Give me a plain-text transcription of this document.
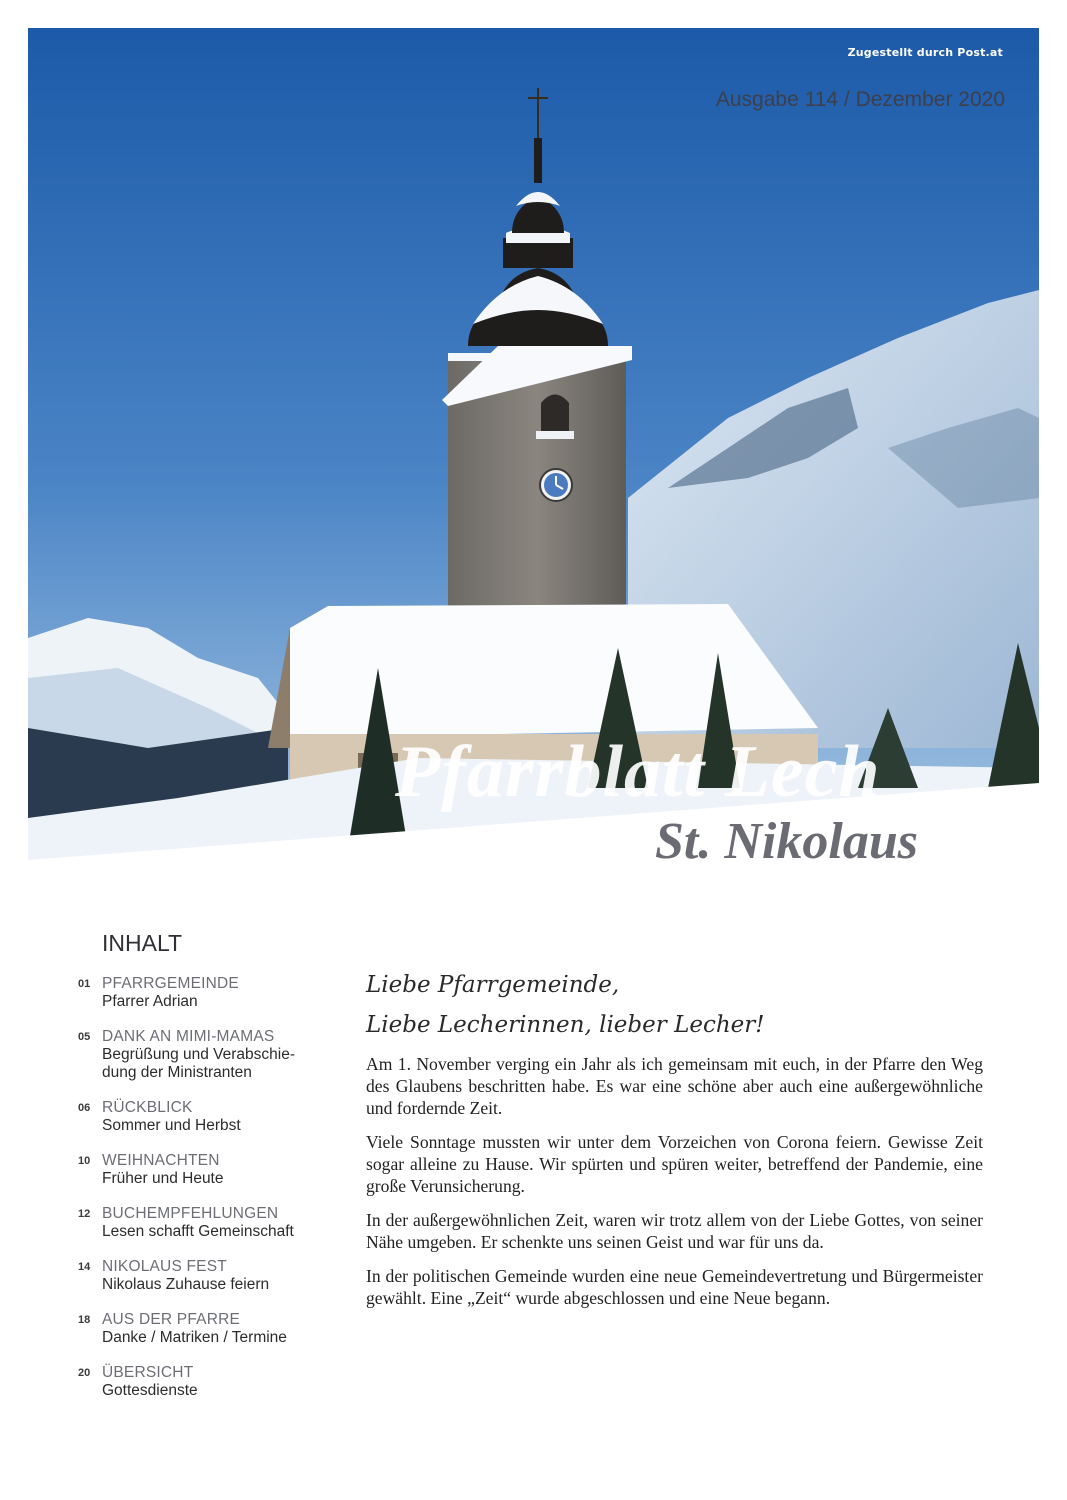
Zugestellt durch Post.at
Ausgabe 114 / Dezember 2020
Pfarrblatt Lech
St. Nikolaus
INHALT
01 PFARRGEMEINDE
Pfarrer Adrian
05 DANK AN MIMI-MAMAS
Begrüßung und Verabschie-
dung der Ministranten
06 RÜCKBLICK
Sommer und Herbst
10 WEIHNACHTEN
Früher und Heute
12 BUCHEMPFEHLUNGEN
Lesen schafft Gemeinschaft
14 NIKOLAUS FEST
Nikolaus Zuhause feiern
18 AUS DER PFARRE
Danke / Matriken / Termine
20 ÜBERSICHT
Gottesdienste
Liebe Pfarrgemeinde,
Liebe Lecherinnen, lieber Lecher!

Am 1. November verging ein Jahr als ich gemeinsam mit euch, in der Pfarre den Weg des Glaubens beschritten habe. Es war eine schöne aber auch eine außergewöhnliche und fordernde Zeit.

Viele Sonntage mussten wir unter dem Vorzeichen von Corona feiern. Gewisse Zeit sogar alleine zu Hause. Wir spürten und spüren weiter, betreffend der Pandemie, eine große Verunsicherung.

In der außergewöhnlichen Zeit, waren wir trotz allem von der Liebe Gottes, von seiner Nähe umgeben. Er schenkte uns seinen Geist und war für uns da.

In der politischen Gemeinde wurden eine neue Gemeindevertretung und Bürgermeister gewählt. Eine „Zeit“ wurde abgeschlossen und eine Neue begann.
